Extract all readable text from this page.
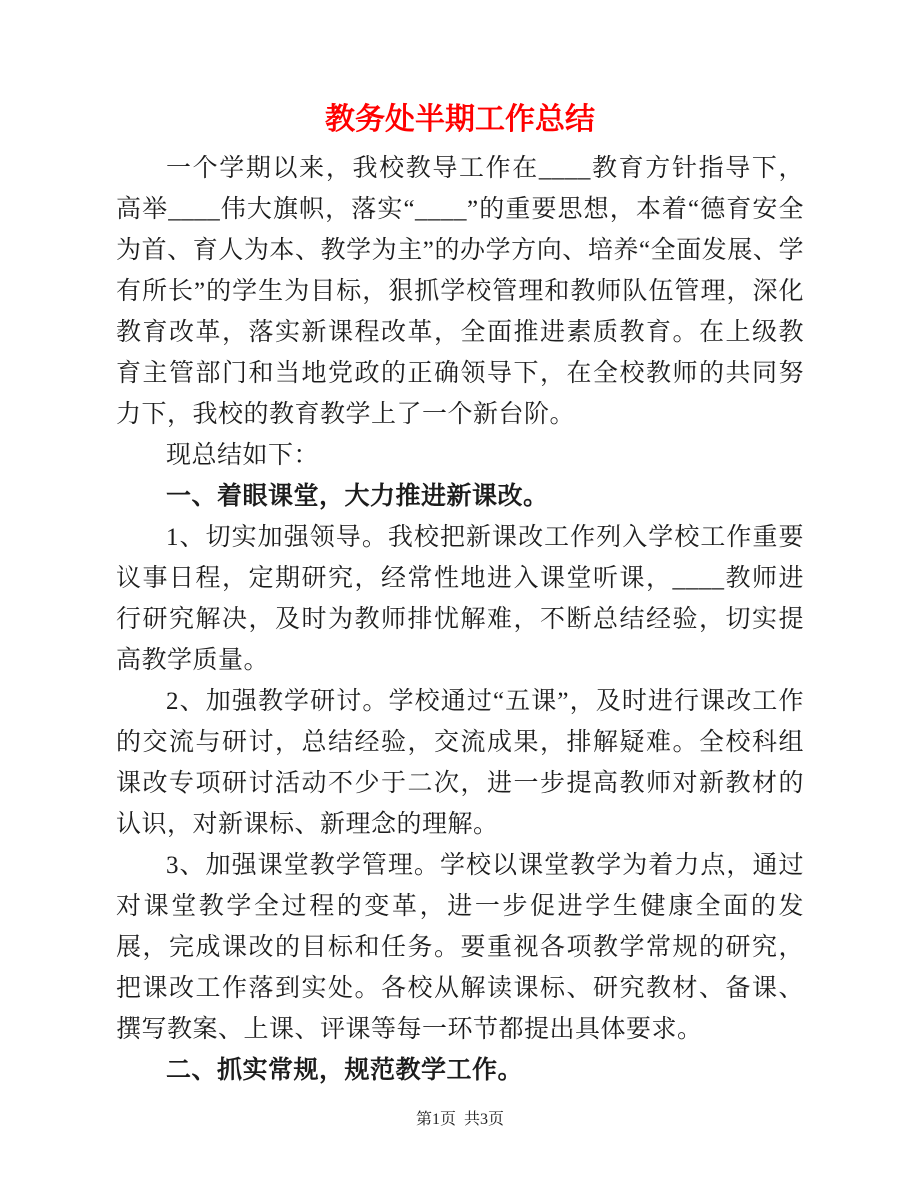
教务处半期工作总结

一个学期以来，我校教导工作在____教育方针指导下，高举____伟大旗帜，落实“____”的重要思想，本着“德育安全为首、育人为本、教学为主”的办学方向、培养“全面发展、学有所长”的学生为目标，狠抓学校管理和教师队伍管理，深化教育改革，落实新课程改革，全面推进素质教育。在上级教育主管部门和当地党政的正确领导下，在全校教师的共同努力下，我校的教育教学上了一个新台阶。

现总结如下：

一、着眼课堂，大力推进新课改。

1、切实加强领导。我校把新课改工作列入学校工作重要议事日程，定期研究，经常性地进入课堂听课，____教师进行研究解决，及时为教师排忧解难，不断总结经验，切实提高教学质量。

2、加强教学研讨。学校通过“五课”，及时进行课改工作的交流与研讨，总结经验，交流成果，排解疑难。全校科组课改专项研讨活动不少于二次，进一步提高教师对新教材的认识，对新课标、新理念的理解。

3、加强课堂教学管理。学校以课堂教学为着力点，通过对课堂教学全过程的变革，进一步促进学生健康全面的发展，完成课改的目标和任务。要重视各项教学常规的研究，把课改工作落到实处。各校从解读课标、研究教材、备课、撰写教案、上课、评课等每一环节都提出具体要求。

二、抓实常规，规范教学工作。

第1页 共3页
